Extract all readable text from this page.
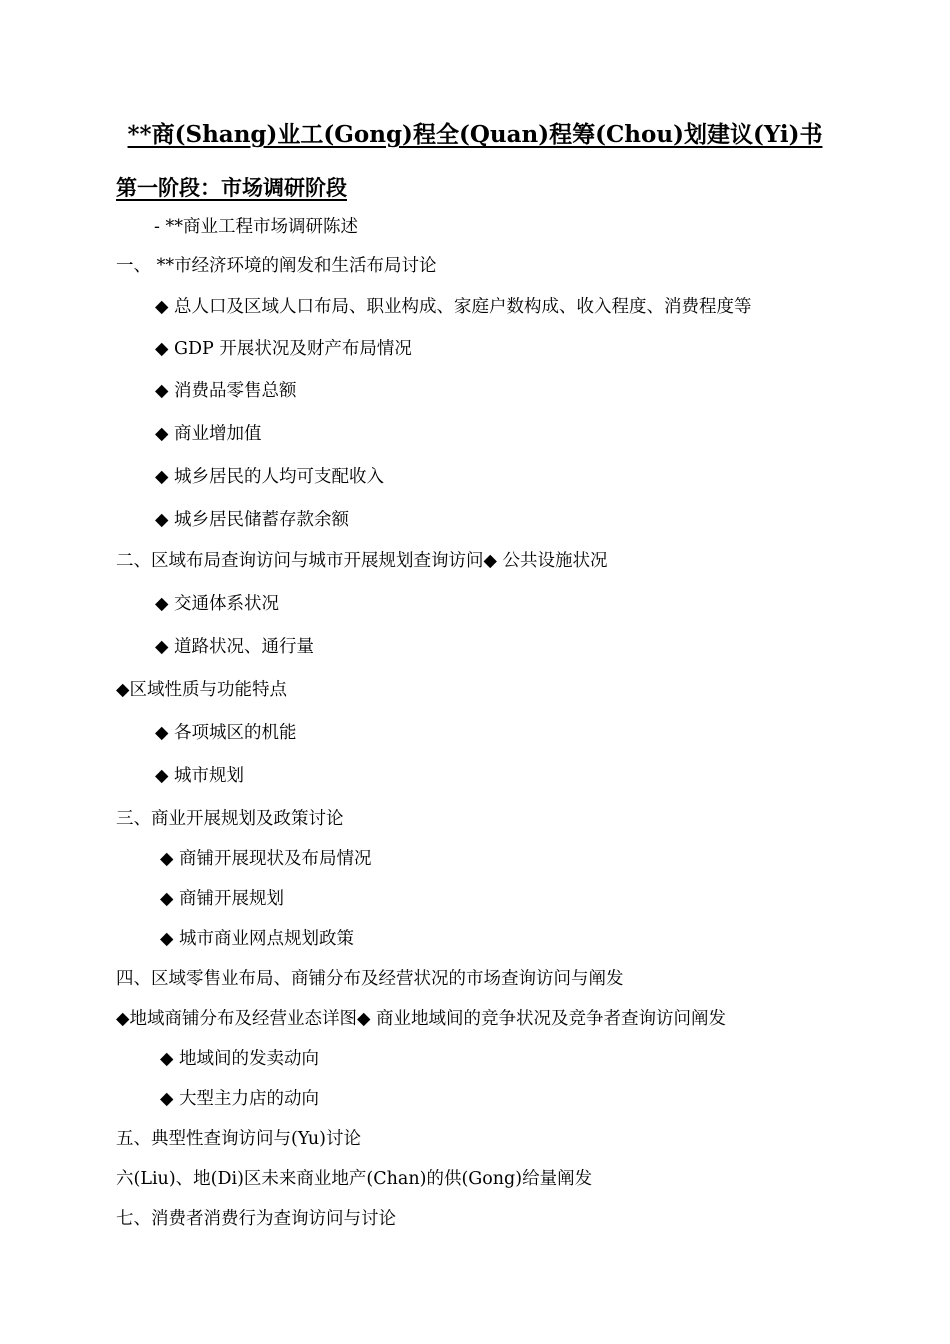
**商(Shang)业工(Gong)程全(Quan)程筹(Chou)划建议(Yi)书
第一阶段：市场调研阶段
- **商业工程市场调研陈述
一、 **市经济环境的阐发和生活布局讨论
◆ 总人口及区域人口布局、职业构成、家庭户数构成、收入程度、消费程度等
◆ GDP 开展状况及财产布局情况
◆ 消费品零售总额
◆ 商业增加值
◆ 城乡居民的人均可支配收入
◆ 城乡居民储蓄存款余额
二、区域布局查询访问与城市开展规划查询访问◆ 公共设施状况
◆ 交通体系状况
◆ 道路状况、通行量
◆区域性质与功能特点
◆ 各项城区的机能
◆ 城市规划
三、商业开展规划及政策讨论
◆ 商铺开展现状及布局情况
◆ 商铺开展规划
◆ 城市商业网点规划政策
四、区域零售业布局、商铺分布及经营状况的市场查询访问与阐发
◆地域商铺分布及经营业态详图◆ 商业地域间的竞争状况及竞争者查询访问阐发
◆ 地域间的发卖动向
◆ 大型主力店的动向
五、典型性查询访问与(Yu)讨论
六(Liu)、地(Di)区未来商业地产(Chan)的供(Gong)给量阐发
七、消费者消费行为查询访问与讨论
